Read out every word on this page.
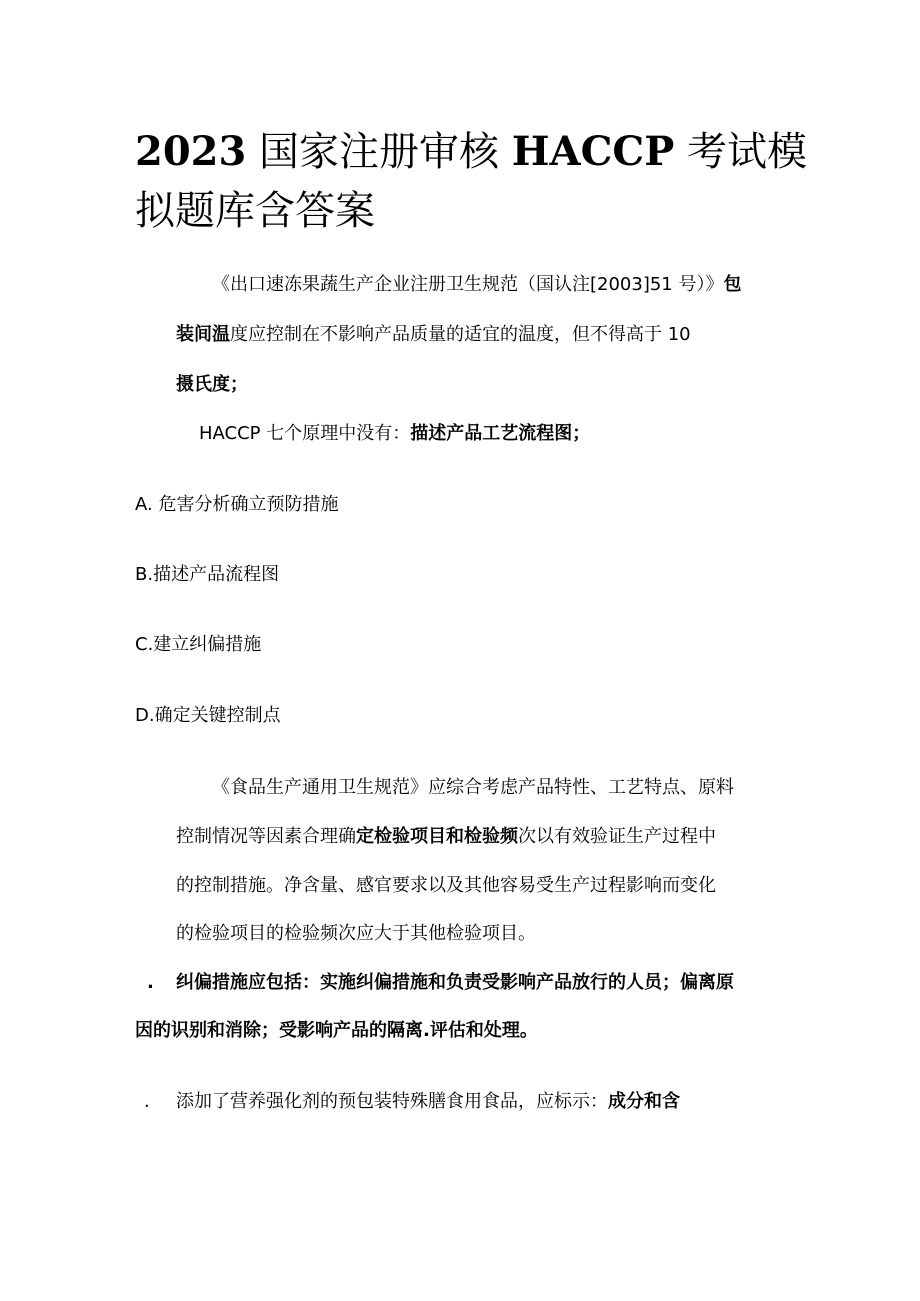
2023 国家注册审核 HACCP 考试模
拟题库含答案
《出口速冻果蔬生产企业注册卫生规范（国认注[2003]51 号）》包
装间温度应控制在不影响产品质量的适宜的温度，但不得高于 10
摄氏度；
HACCP 七个原理中没有：描述产品工艺流程图；
A. 危害分析确立预防措施
B.描述产品流程图
C.建立纠偏措施
D.确定关键控制点
《食品生产通用卫生规范》应综合考虑产品特性、工艺特点、原料
控制情况等因素合理确定检验项目和检验频次以有效验证生产过程中
的控制措施。净含量、感官要求以及其他容易受生产过程影响而变化
的检验项目的检验频次应大于其他检验项目。
. 纠偏措施应包括：实施纠偏措施和负责受影响产品放行的人员；偏离原
因的识别和消除；受影响产品的隔离.评估和处理。
. 添加了营养强化剂的预包装特殊膳食用食品，应标示：成分和含
